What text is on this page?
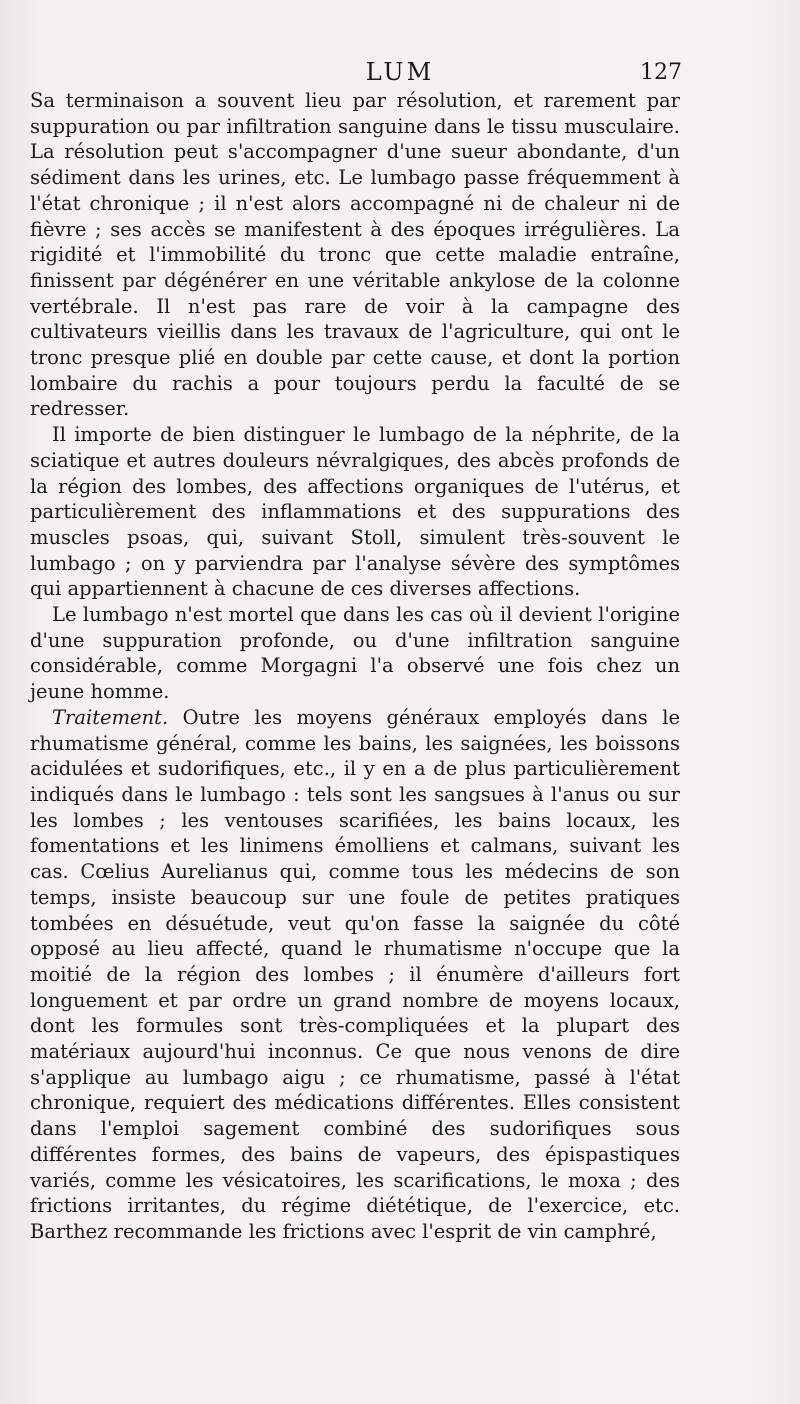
LUM	127

Sa terminaison a souvent lieu par résolution, et rarement par suppuration ou par infiltration sanguine dans le tissu musculaire. La résolution peut s'accompagner d'une sueur abondante, d'un sédiment dans les urines, etc. Le lumbago passe fréquemment à l'état chronique ; il n'est alors accompagné ni de chaleur ni de fièvre ; ses accès se manifestent à des époques irrégulières. La rigidité et l'immobilité du tronc que cette maladie entraîne, finissent par dégénérer en une véritable ankylose de la colonne vertébrale. Il n'est pas rare de voir à la campagne des cultivateurs vieillis dans les travaux de l'agriculture, qui ont le tronc presque plié en double par cette cause, et dont la portion lombaire du rachis a pour toujours perdu la faculté de se redresser.

Il importe de bien distinguer le lumbago de la néphrite, de la sciatique et autres douleurs névralgiques, des abcès profonds de la région des lombes, des affections organiques de l'utérus, et particulièrement des inflammations et des suppurations des muscles psoas, qui, suivant Stoll, simulent très-souvent le lumbago ; on y parviendra par l'analyse sévère des symptômes qui appartiennent à chacune de ces diverses affections.

Le lumbago n'est mortel que dans les cas où il devient l'origine d'une suppuration profonde, ou d'une infiltration sanguine considérable, comme Morgagni l'a observé une fois chez un jeune homme.

Traitement. Outre les moyens généraux employés dans le rhumatisme général, comme les bains, les saignées, les boissons acidulées et sudorifiques, etc., il y en a de plus particulièrement indiqués dans le lumbago : tels sont les sangsues à l'anus ou sur les lombes ; les ventouses scarifiées, les bains locaux, les fomentations et les linimens émolliens et calmans, suivant les cas. Cœlius Aurelianus qui, comme tous les médecins de son temps, insiste beaucoup sur une foule de petites pratiques tombées en désuétude, veut qu'on fasse la saignée du côté opposé au lieu affecté, quand le rhumatisme n'occupe que la moitié de la région des lombes ; il énumère d'ailleurs fort longuement et par ordre un grand nombre de moyens locaux, dont les formules sont très-compliquées et la plupart des matériaux aujourd'hui inconnus. Ce que nous venons de dire s'applique au lumbago aigu ; ce rhumatisme, passé à l'état chronique, requiert des médications différentes. Elles consistent dans l'emploi sagement combiné des sudorifiques sous différentes formes, des bains de vapeurs, des épispastiques variés, comme les vésicatoires, les scarifications, le moxa ; des frictions irritantes, du régime diététique, de l'exercice, etc. Barthez recommande les frictions avec l'esprit de vin camphré,
